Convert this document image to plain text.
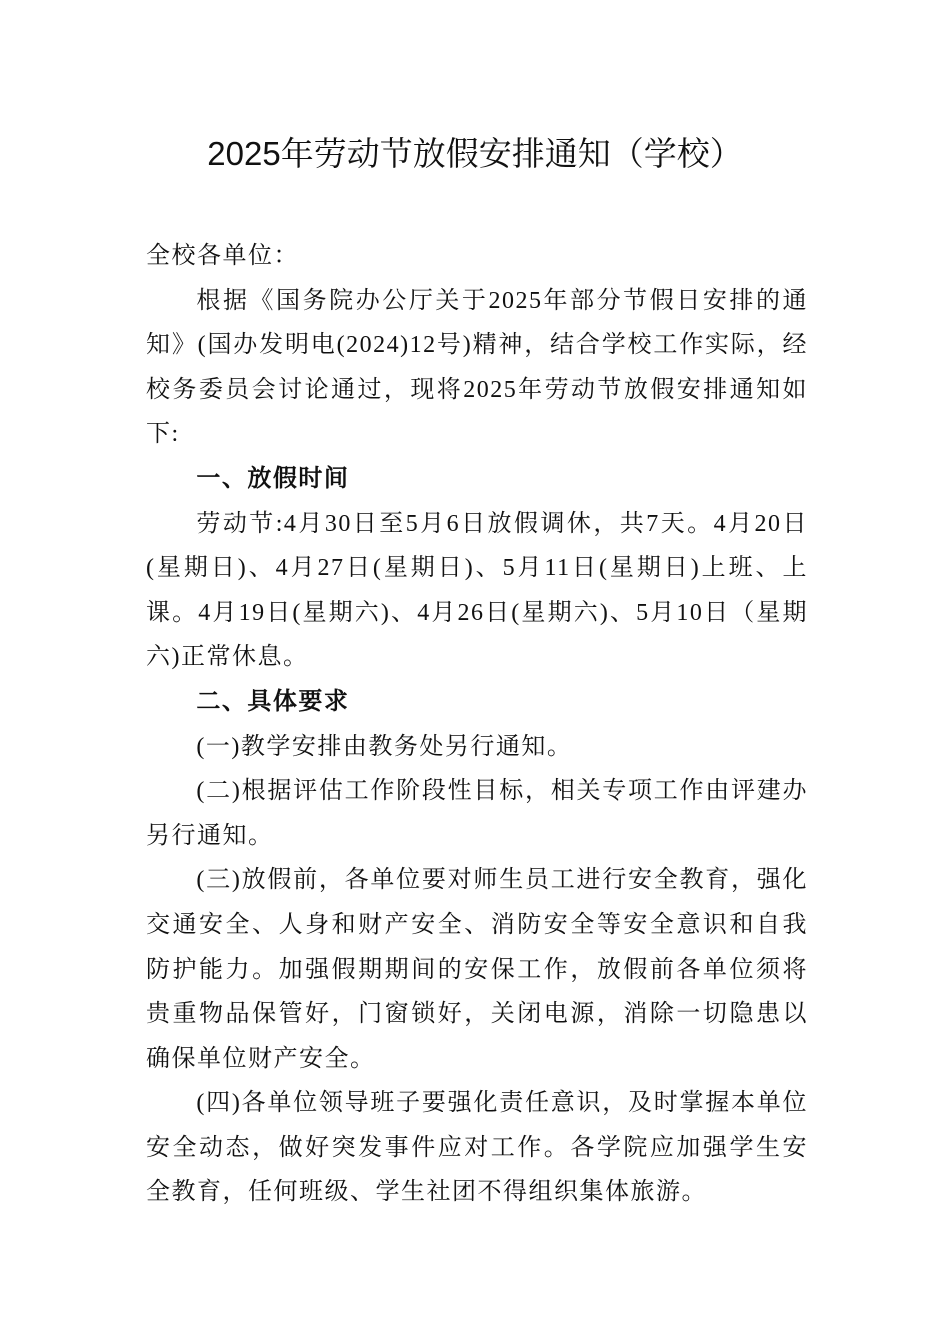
2025年劳动节放假安排通知（学校）

全校各单位：

根据《国务院办公厅关于2025年部分节假日安排的通知》(国办发明电(2024)12号)精神，结合学校工作实际，经校务委员会讨论通过，现将2025年劳动节放假安排通知如下:

一、放假时间

劳动节:4月30日至5月6日放假调休，共7天。4月20日(星期日)、4月27日(星期日)、5月11日(星期日)上班、上课。4月19日(星期六)、4月26日(星期六)、5月10日（星期六)正常休息。

二、具体要求

(一)教学安排由教务处另行通知。

(二)根据评估工作阶段性目标，相关专项工作由评建办另行通知。

(三)放假前，各单位要对师生员工进行安全教育，强化交通安全、人身和财产安全、消防安全等安全意识和自我防护能力。加强假期期间的安保工作，放假前各单位须将贵重物品保管好，门窗锁好，关闭电源，消除一切隐患以确保单位财产安全。

(四)各单位领导班子要强化责任意识，及时掌握本单位安全动态，做好突发事件应对工作。各学院应加强学生安全教育，任何班级、学生社团不得组织集体旅游。
